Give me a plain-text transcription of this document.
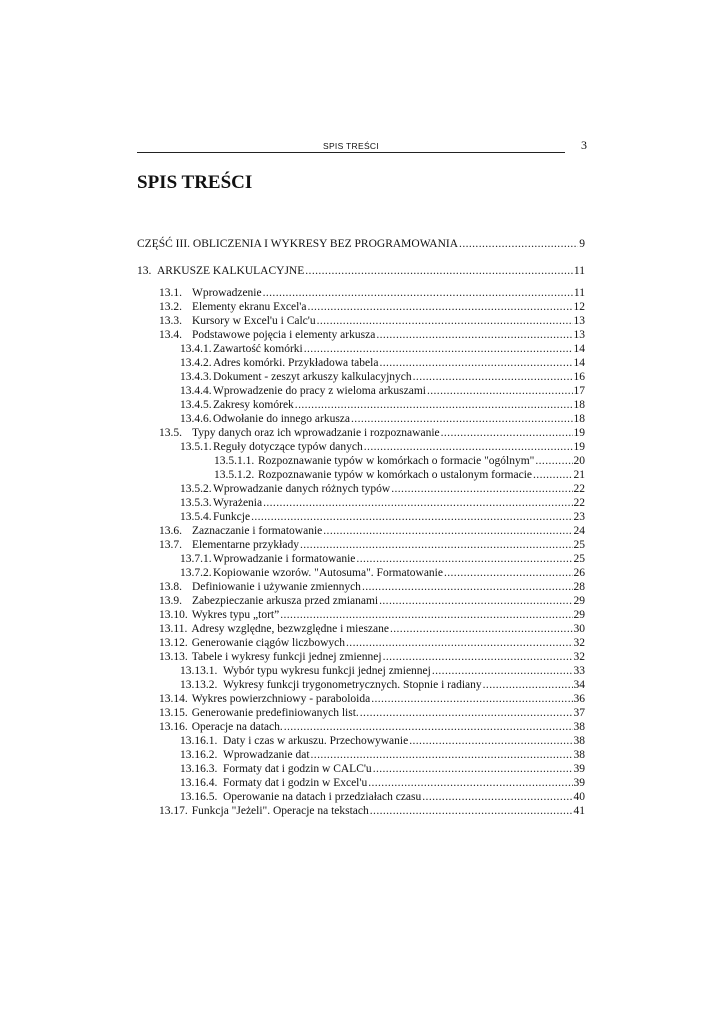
SPIS TREŚCI	3
SPIS TREŚCI
CZĘŚĆ III. OBLICZENIA I WYKRESY BEZ PROGRAMOWANIA .....	9
13. ARKUSZE KALKULACYJNE .....	11
13.1. Wprowadzenie .....	11
13.2. Elementy ekranu Excel'a .....	12
13.3. Kursory w Excel'u i Calc'u .....	13
13.4. Podstawowe pojęcia i elementy arkusza .....	13
13.4.1. Zawartość komórki .....	14
13.4.2. Adres komórki. Przykładowa tabela .....	14
13.4.3. Dokument - zeszyt arkuszy kalkulacyjnych .....	16
13.4.4. Wprowadzenie do pracy z wieloma arkuszami .....	17
13.4.5. Zakresy komórek .....	18
13.4.6. Odwołanie do innego arkusza .....	18
13.5. Typy danych oraz ich wprowadzanie i rozpoznawanie .....	19
13.5.1. Reguły dotyczące typów danych .....	19
13.5.1.1. Rozpoznawanie typów w komórkach o formacie "ogólnym" .....	20
13.5.1.2. Rozpoznawanie typów w komórkach o ustalonym formacie .....	21
13.5.2. Wprowadzanie danych różnych typów .....	22
13.5.3. Wyrażenia .....	22
13.5.4. Funkcje .....	23
13.6. Zaznaczanie i formatowanie .....	24
13.7. Elementarne przykłady .....	25
13.7.1. Wprowadzanie i formatowanie .....	25
13.7.2. Kopiowanie wzorów. "Autosuma". Formatowanie .....	26
13.8. Definiowanie i używanie zmiennych .....	28
13.9. Zabezpieczanie arkusza przed zmianami .....	29
13.10. Wykres typu „tort” .....	29
13.11. Adresy względne, bezwzględne i mieszane .....	30
13.12. Generowanie ciągów liczbowych .....	32
13.13. Tabele i wykresy funkcji jednej zmiennej .....	32
13.13.1. Wybór typu wykresu funkcji jednej zmiennej .....	33
13.13.2. Wykresy funkcji trygonometrycznych. Stopnie i radiany .....	34
13.14. Wykres powierzchniowy - paraboloida .....	36
13.15. Generowanie predefiniowanych list. .....	37
13.16. Operacje na datach. .....	38
13.16.1. Daty i czas w arkuszu. Przechowywanie .....	38
13.16.2. Wprowadzanie dat .....	38
13.16.3. Formaty dat i godzin w CALC'u .....	39
13.16.4. Formaty dat i godzin w Excel'u .....	39
13.16.5. Operowanie na datach i przedziałach czasu .....	40
13.17. Funkcja "Jeżeli". Operacje na tekstach .....	41
